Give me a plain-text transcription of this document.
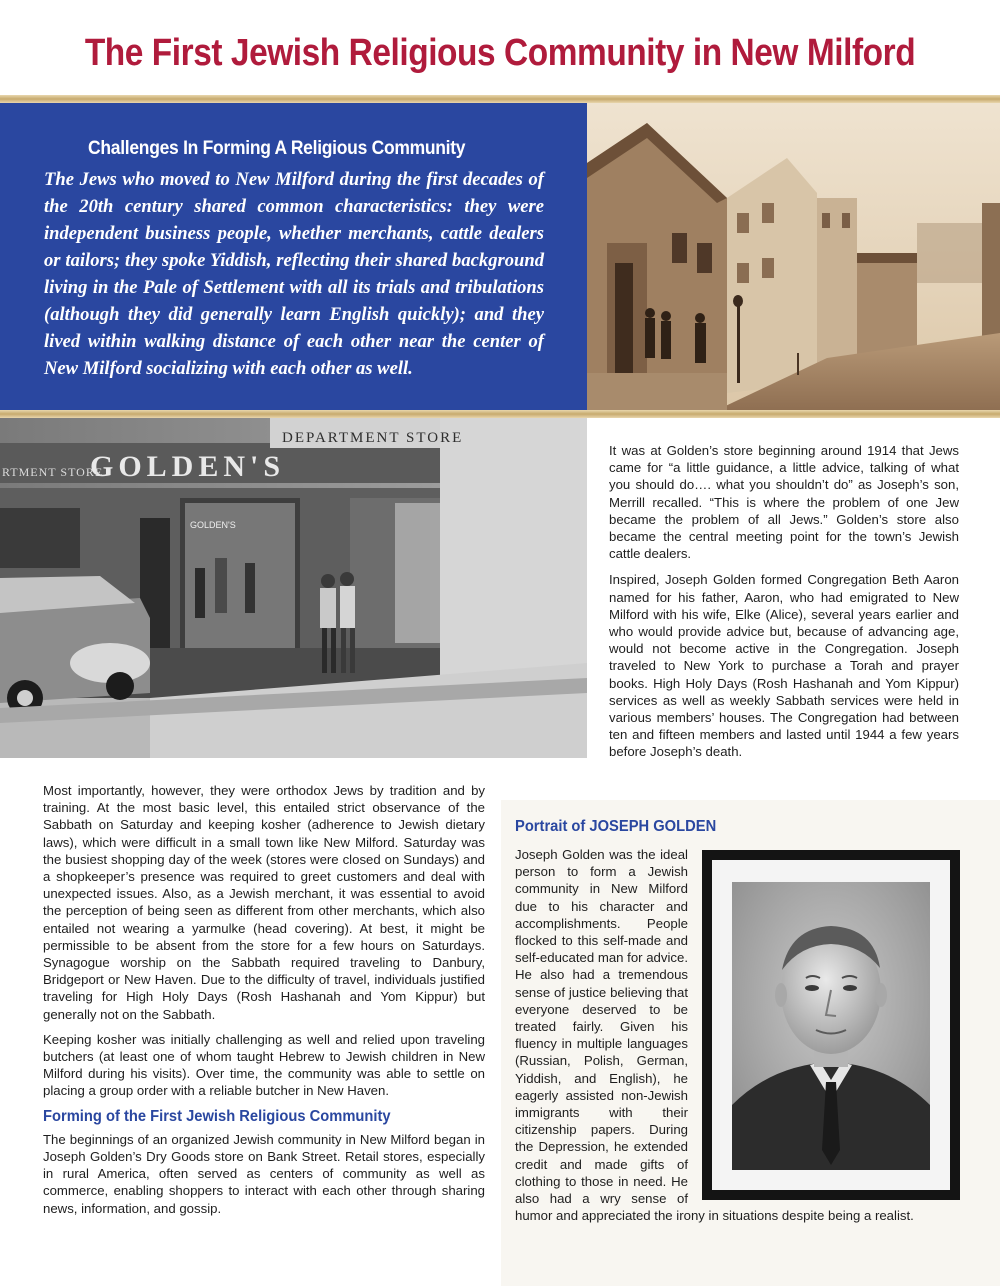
The First Jewish Religious Community in New Milford
Challenges In Forming A Religious Community
The Jews who moved to New Milford during the first decades of the 20th century shared common characteristics: they were independent business people, whether merchants, cattle dealers or tailors; they spoke Yiddish, reflecting their shared background living in the Pale of Settlement with all its trials and tribulations (although they did generally learn English quickly); and they lived within walking distance of each other near the center of New Milford socializing with each other as well.
GOLDEN'S
DEPARTMENT STORE
RTMENT STORE
GOLDEN'S

It was at Golden’s store beginning around 1914 that Jews came for “a little guidance, a little advice, talking of what you should do…. what you shouldn’t do” as Joseph’s son, Merrill recalled. “This is where the problem of one Jew became the problem of all Jews.” Golden’s store also became the central meeting point for the town’s Jewish cattle dealers.

Inspired, Joseph Golden formed Congregation Beth Aaron named for his father, Aaron, who had emigrated to New Milford with his wife, Elke (Alice), several years earlier and who would provide advice but, because of advancing age, would not become active in the Congregation. Joseph traveled to New York to purchase a Torah and prayer books. High Holy Days (Rosh Hashanah and Yom Kippur) services as well as weekly Sabbath services were held in various members’ houses. The Congregation had between ten and fifteen members and lasted until 1944 a few years before Joseph’s death.

Most importantly, however, they were orthodox Jews by tradition and by training. At the most basic level, this entailed strict observance of the Sabbath on Saturday and keeping kosher (adherence to Jewish dietary laws), which were difficult in a small town like New Milford. Saturday was the busiest shopping day of the week (stores were closed on Sundays) and a shopkeeper’s presence was required to greet customers and deal with unexpected issues. Also, as a Jewish merchant, it was essential to avoid the perception of being seen as different from other merchants, which also entailed not wearing a yarmulke (head covering). At best, it might be permissible to be absent from the store for a few hours on Saturdays. Synagogue worship on the Sabbath required traveling to Danbury, Bridgeport or New Haven. Due to the difficulty of travel, individuals justified traveling for High Holy Days (Rosh Hashanah and Yom Kippur) but generally not on the Sabbath.

Keeping kosher was initially challenging as well and relied upon traveling butchers (at least one of whom taught Hebrew to Jewish children in New Milford during his visits). Over time, the community was able to settle on placing a group order with a reliable butcher in New Haven.

Forming of the First Jewish Religious Community

The beginnings of an organized Jewish community in New Milford began in Joseph Golden’s Dry Goods store on Bank Street. Retail stores, especially in rural America, often served as centers of community as well as commerce, enabling shoppers to interact with each other through sharing news, information, and gossip.

Portrait of JOSEPH GOLDEN
Joseph Golden was the ideal person to form a Jewish community in New Milford due to his character and accomplishments. People flocked to this self-made and self-educated man for advice. He also had a tremendous sense of justice believing that everyone deserved to be treated fairly. Given his fluency in multiple languages (Russian, Polish, German, Yiddish, and English), he eagerly assisted non-Jewish immigrants with their citizenship papers. During the Depression, he extended credit and made gifts of clothing to those in need. He also had a wry sense of humor and appreciated the irony in situations despite being a realist.
